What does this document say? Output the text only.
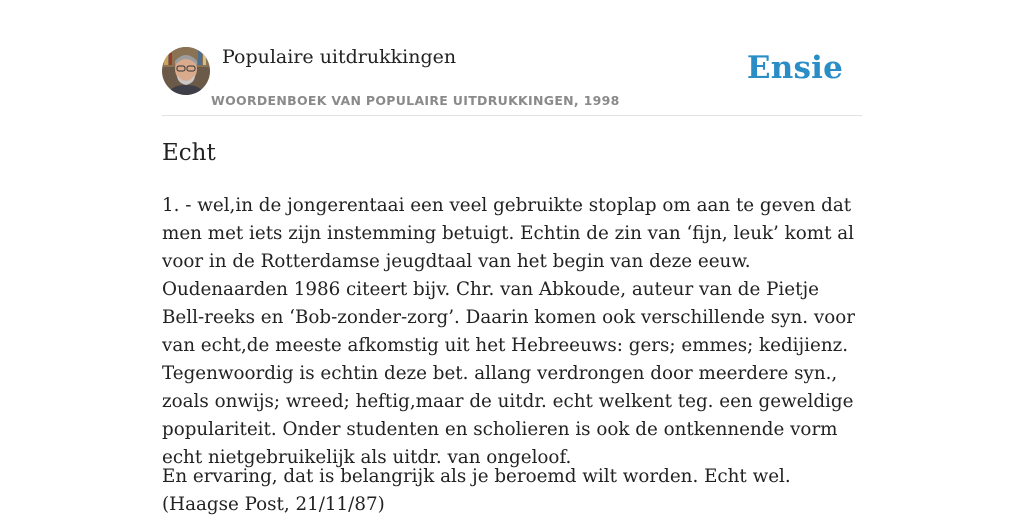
Populaire uitdrukkingen
WOORDENBOEK VAN POPULAIRE UITDRUKKINGEN, 1998
Ensie
Echt

1. - wel,in de jongerentaai een veel gebruikte stoplap om aan te geven dat men met iets zijn instemming betuigt. Echtin de zin van ‘fijn, leuk’ komt al voor in de Rotterdamse jeugdtaal van het begin van deze eeuw. Oudenaarden 1986 citeert bijv. Chr. van Abkoude, auteur van de Pietje Bell-reeks en ‘Bob-zonder-zorg’. Daarin komen ook verschillende syn. voor van echt,de meeste afkomstig uit het Hebreeuws: gers; emmes; kedijienz. Tegenwoordig is echtin deze bet. allang verdrongen door meerdere syn., zoals onwijs; wreed; heftig,maar de uitdr. echt welkent teg. een geweldige populariteit. Onder studenten en scholieren is ook de ontkennende vorm echt nietgebruikelijk als uitdr. van ongeloof.

En ervaring, dat is belangrijk als je beroemd wilt worden. Echt wel. (Haagse Post, 21/11/87)
